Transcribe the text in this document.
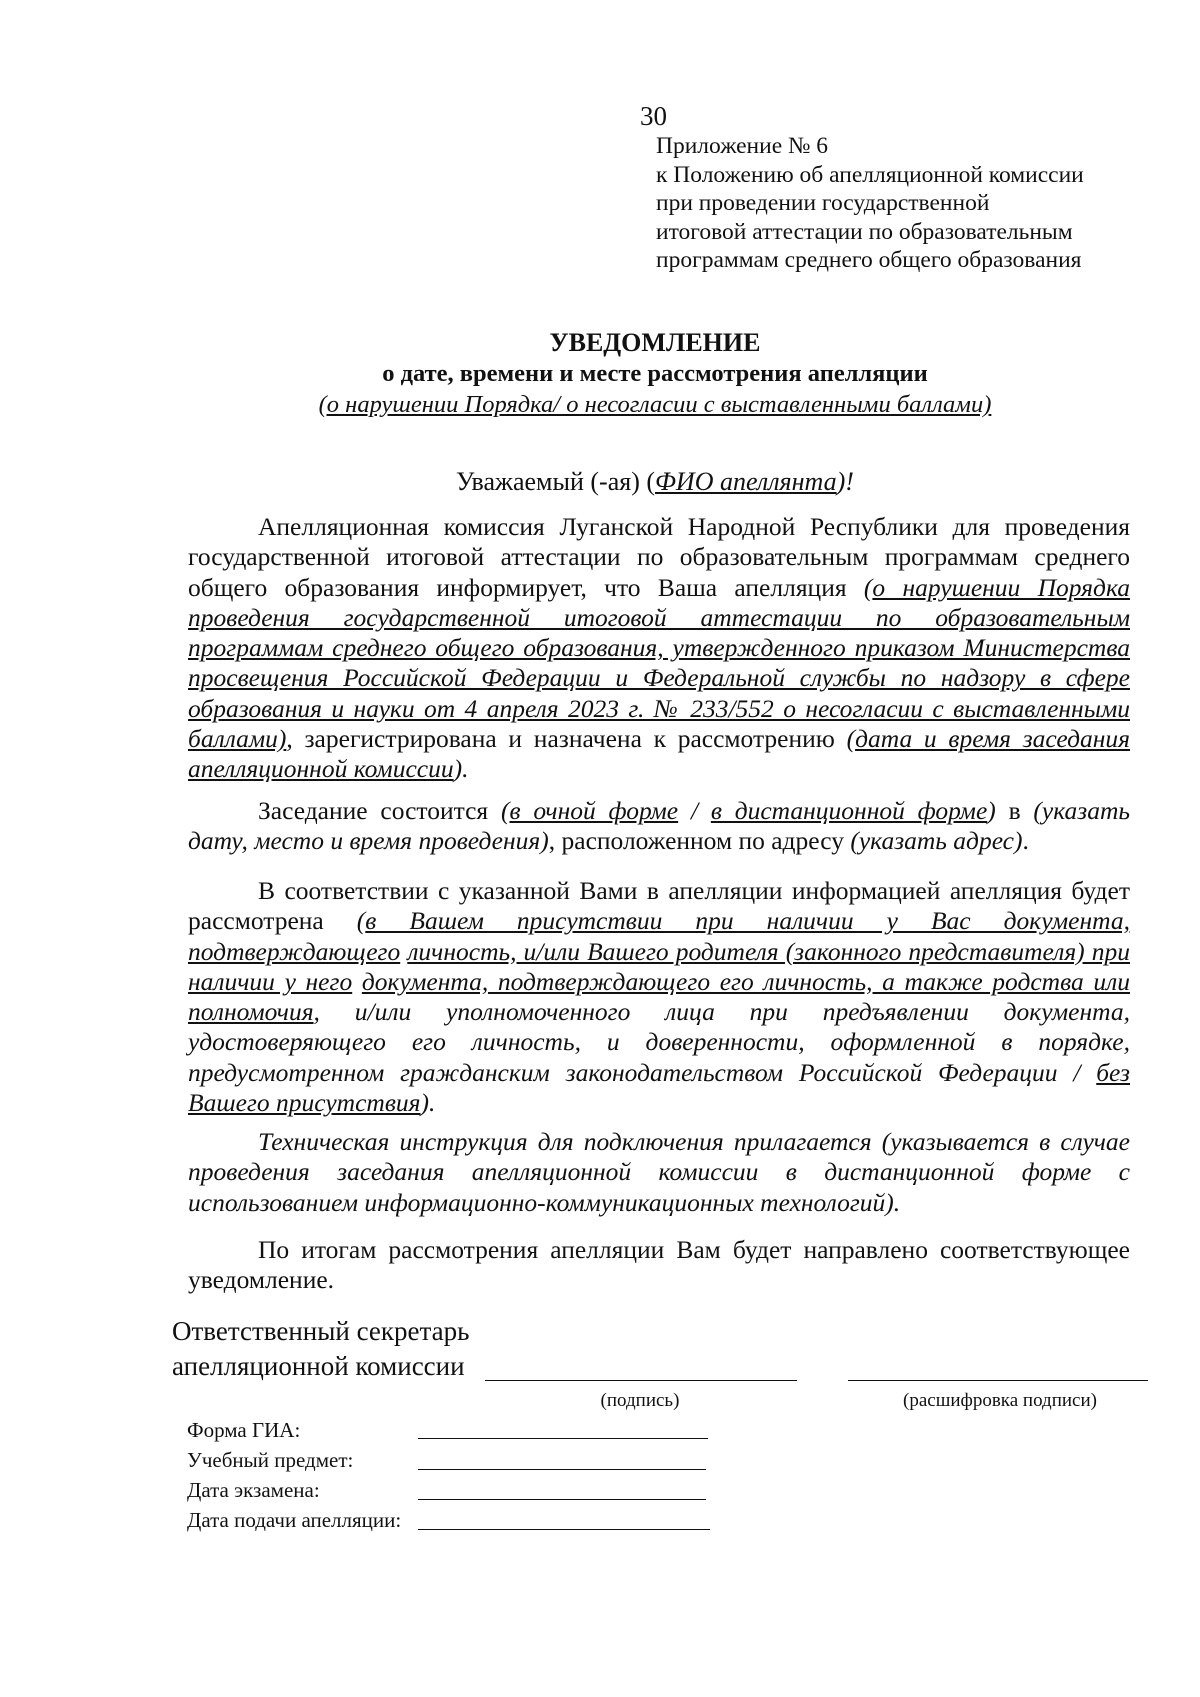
30
Приложение № 6
к Положению об апелляционной комиссии
при проведении государственной
итоговой аттестации по образовательным
программам среднего общего образования
УВЕДОМЛЕНИЕ
о дате, времени и месте рассмотрения апелляции
(о нарушении Порядка/ о несогласии с выставленными баллами)
Уважаемый (-ая) (ФИО апеллянта)!
Апелляционная комиссия Луганской Народной Республики для проведения государственной итоговой аттестации по образовательным программам среднего общего образования информирует, что Ваша апелляция (о нарушении Порядка проведения государственной итоговой аттестации по образовательным программам среднего общего образования, утвержденного приказом Министерства просвещения Российской Федерации и Федеральной службы по надзору в сфере образования и науки от 4 апреля 2023 г. № 233/552 о несогласии с выставленными баллами), зарегистрирована и назначена к рассмотрению (дата и время заседания апелляционной комиссии).
Заседание состоится (в очной форме / в дистанционной форме) в (указать дату, место и время проведения), расположенном по адресу (указать адрес).
В соответствии с указанной Вами в апелляции информацией апелляция будет рассмотрена (в Вашем присутствии при наличии у Вас документа, подтверждающего личность, и/или Вашего родителя (законного представителя) при наличии у него документа, подтверждающего его личность, а также родства или полномочия, и/или уполномоченного лица при предъявлении документа, удостоверяющего его личность, и доверенности, оформленной в порядке, предусмотренном гражданским законодательством Российской Федерации / без Вашего присутствия).
Техническая инструкция для подключения прилагается (указывается в случае проведения заседания апелляционной комиссии в дистанционной форме с использованием информационно-коммуникационных технологий).
По итогам рассмотрения апелляции Вам будет направлено соответствующее уведомление.
Ответственный секретарь
апелляционной комиссии
(подпись)	(расшифровка подписи)
Форма ГИА:
Учебный предмет:
Дата экзамена:
Дата подачи апелляции:
